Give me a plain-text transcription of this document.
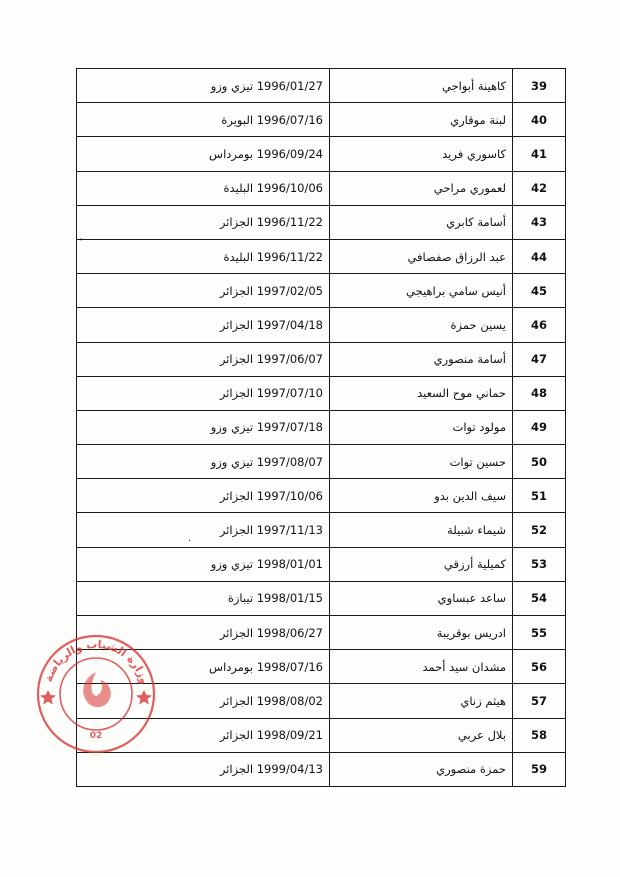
1996/01/27 تيزي وزو	كاهينة أبواجي	39
1996/07/16 البويرة	لبنة موقاري	40
1996/09/24 بومرداس	كاسوري فريد	41
1996/10/06 البليدة	لعموري مراحي	42
1996/11/22 الجزائر	أسامة كابري	43
1996/11/22 البليدة	عبد الرزاق صفصافي	44
1997/02/05 الجزائر	أنيس سامي براهيجي	45
1997/04/18 الجزائر	يسين حمزة	46
1997/06/07 الجزائر	أسامة منصوري	47
1997/07/10 الجزائر	حماني موح السعيد	48
1997/07/18 تيزي وزو	مولود توات	49
1997/08/07 تيزي وزو	حسين توات	50
1997/10/06 الجزائر	سيف الدين بدو	51
1997/11/13 الجزائر	شيماء شبيلة	52
1998/01/01 تيزي وزو	كميلية أرزقي	53
1998/01/15 تيبازة	ساعد عبساوي	54
1998/06/27 الجزائر	ادريس بوقريبة	55
1998/07/16 بومرداس	مشدان سيد أحمد	56
1998/08/02 الجزائر	هيثم زناي	57
1998/09/21 الجزائر	بلال عربي	58
1999/04/13 الجزائر	حمزة منصوري	59
˒
·
وزارة الشباب والرياضة
02
